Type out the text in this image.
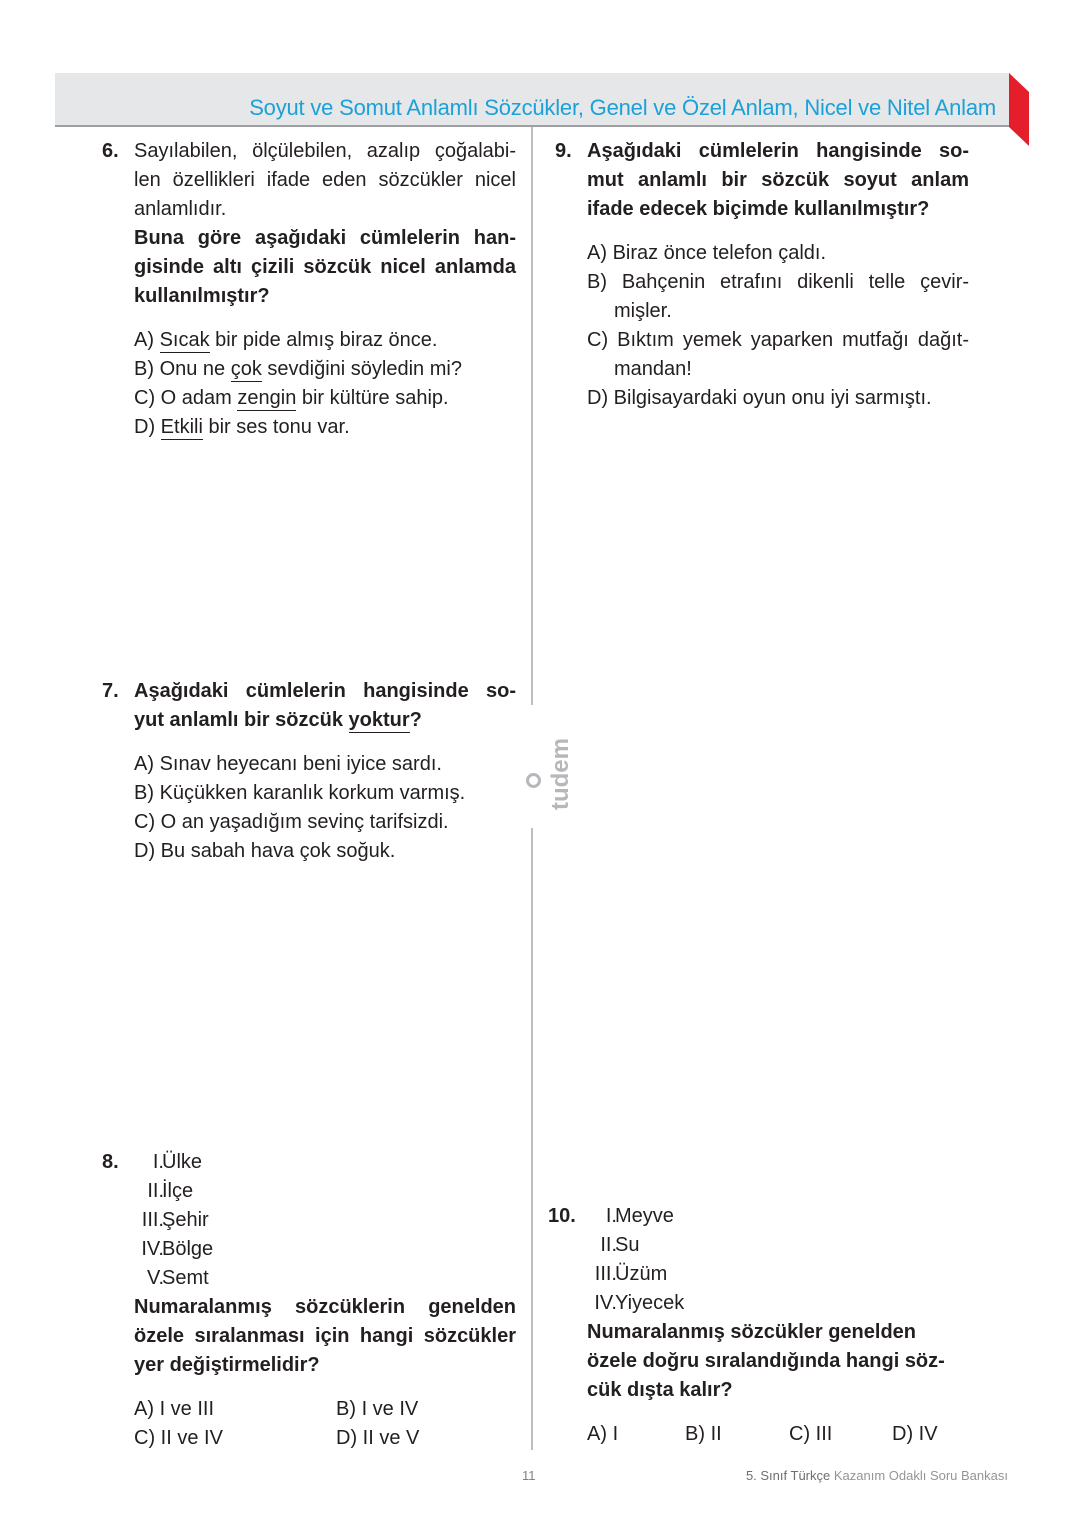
Soyut ve Somut Anlamlı Sözcükler, Genel ve Özel Anlam, Nicel ve Nitel Anlam
tudem
6. Sayılabilen, ölçülebilen, azalıp çoğalabi-
len özellikleri ifade eden sözcükler nicel
anlamlıdır.
Buna göre aşağıdaki cümlelerin han-
gisinde altı çizili sözcük nicel anlamda
kullanılmıştır?
A) Sıcak bir pide almış biraz önce.
B) Onu ne çok sevdiğini söyledin mi?
C) O adam zengin bir kültüre sahip.
D) Etkili bir ses tonu var.
7. Aşağıdaki cümlelerin hangisinde so-
yut anlamlı bir sözcük yoktur?
A) Sınav heyecanı beni iyice sardı.
B) Küçükken karanlık korkum varmış.
C) O an yaşadığım sevinç tarifsizdi.
D) Bu sabah hava çok soğuk.
8. I.
Ülke
II.
İlçe
III.
Şehir
IV.
Bölge
V.
Semt
Numaralanmış sözcüklerin genelden
özele sıralanması için hangi sözcükler
yer değiştirmelidir?
A) I ve III	B) I ve IV
C) II ve IV	D) II ve V
9. Aşağıdaki cümlelerin hangisinde so-
mut anlamlı bir sözcük soyut anlam
ifade edecek biçimde kullanılmıştır?
A) Biraz önce telefon çaldı.
B) Bahçenin etrafını dikenli telle çevir-
mişler.
C) Bıktım yemek yaparken mutfağı dağıt-
mandan!
D) Bilgisayardaki oyun onu iyi sarmıştı.
10. I.
Meyve
II.
Su
III.
Üzüm
IV.
Yiyecek
Numaralanmış sözcükler genelden
özele doğru sıralandığında hangi söz-
cük dışta kalır?
A) I	B) II	C) III	D) IV
11	5. Sınıf Türkçe Kazanım Odaklı Soru Bankası
